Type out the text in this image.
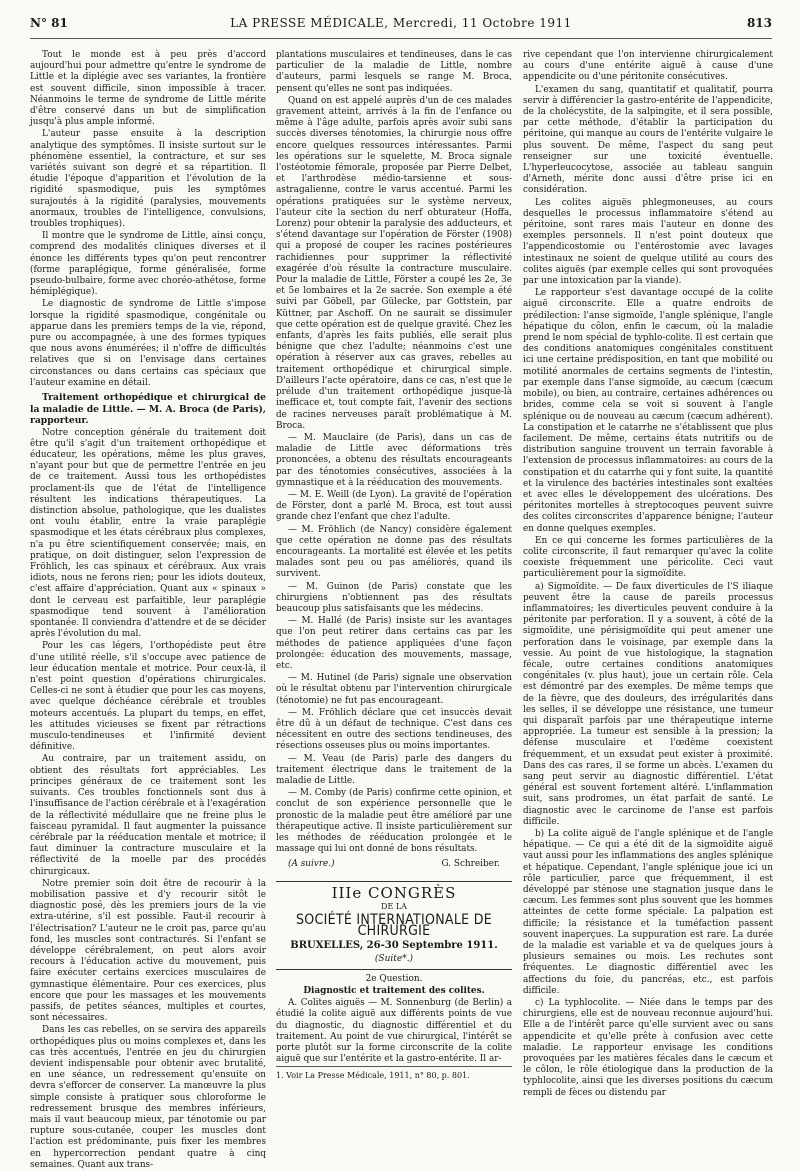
N° 81	LA PRESSE MÉDICALE, Mercredi, 11 Octobre 1911	813

Tout le monde est à peu près d'accord aujourd'hui pour admettre qu'entre le syndrome de Little et la diplégie avec ses variantes, la frontière est souvent difficile, sinon impossible à tracer. Néanmoins le terme de syndrome de Little mérite d'être conservé dans un but de simplification jusqu'à plus ample informé.

L'auteur passe ensuite à la description analytique des symptômes. Il insiste surtout sur le phénomène essentiel, la contracture, et sur ses variétés suivant son degré et sa répartition. Il étudie l'époque d'apparition et l'évolution de la rigidité spasmodique, puis les symptômes surajoutés à la rigidité (paralysies, mouvements anormaux, troubles de l'intelligence, convulsions, troubles trophiques).

Il montre que le syndrome de Little, ainsi conçu, comprend des modalités cliniques diverses et il énonce les différents types qu'on peut rencontrer (forme paraplégique, forme généralisée, forme pseudo-bulbaire, forme avec choréo-athétose, forme hémiplégique).

Le diagnostic de syndrome de Little s'impose lorsque la rigidité spasmodique, congénitale ou apparue dans les premiers temps de la vie, répond, pure ou accompagnée, à une des formes typiques que nous avons énumérées; il n'offre de difficultés relatives que si on l'envisage dans certaines circonstances ou dans certains cas spéciaux que l'auteur examine en détail.

Traitement orthopédique et chirurgical de la maladie de Little. — M. A. Broca (de Paris), rapporteur.

Notre conception générale du traitement doit être qu'il s'agit d'un traitement orthopédique et éducateur, les opérations, même les plus graves, n'ayant pour but que de permettre l'entrée en jeu de ce traitement. Aussi tous les orthopédistes proclament-ils que de l'état de l'intelligence résultent les indications thérapeutiques. La distinction absolue, pathologique, que les dualistes ont voulu établir, entre la vraie paraplégie spasmodique et les états cérébraux plus complexes, n'a pu être scientifiquement conservée; mais, en pratique, on doit distinguer, selon l'expression de Fröhlich, les cas spinaux et cérébraux. Aux vrais idiots, nous ne ferons rien; pour les idiots douteux, c'est affaire d'appréciation. Quant aux « spinaux » dont le cerveau est parfaitible, leur paraplégie spasmodique tend souvent à l'amélioration spontanée. Il conviendra d'attendre et de se décider après l'évolution du mal.

Pour les cas légers, l'orthopédiste peut être d'une utilité réelle, s'il s'occupe avec patience de leur éducation mentale et motrice. Pour ceux-là, il n'est point question d'opérations chirurgicales. Celles-ci ne sont à étudier que pour les cas moyens, avec quelque déchéance cérébrale et troubles moteurs accentués. La plupart du temps, en effet, les attitudes vicieuses se fixent par rétractions musculo-tendineuses et l'infirmité devient définitive.

Au contraire, par un traitement assidu, on obtient des résultats fort appréciables. Les principes généraux de ce traitement sont les suivants. Ces troubles fonctionnels sont dus à l'insuffisance de l'action cérébrale et à l'exagération de la réflectivité médullaire que ne freine plus le faisceau pyramidal. Il faut augmenter la puissance cérébrale par la rééducation mentale et motrice; il faut diminuer la contracture musculaire et la réflectivité de la moelle par des procédés chirurgicaux.

Notre premier soin doit être de recourir à la mobilisation passive et d'y recourir sitôt le diagnostic posé, dès les premiers jours de la vie extra-utérine, s'il est possible. Faut-il recourir à l'électrisation? L'auteur ne le croit pas, parce qu'au fond, les muscles sont contracturés. Si l'enfant se développe cérébralement, on peut alors avoir recours à l'éducation active du mouvement, puis faire exécuter certains exercices musculaires de gymnastique élémentaire. Pour ces exercices, plus encore que pour les massages et les mouvements passifs, de petites séances, multiples et courtes, sont nécessaires.

Dans les cas rebelles, on se servira des appareils orthopédiques plus ou moins complexes et, dans les cas très accentués, l'entrée en jeu du chirurgien devient indispensable pour obtenir avec brutalité, en une séance, un redressement qu'ensuite on devra s'efforcer de conserver. La manœuvre la plus simple consiste à pratiquer sous chloroforme le redressement brusque des membres inférieurs, mais il vaut beaucoup mieux, par ténotomie ou par rupture sous-cutanée, couper les muscles dont l'action est prédominante, puis fixer les membres en hypercorrection pendant quatre à cinq semaines. Quant aux trans-

plantations musculaires et tendineuses, dans le cas particulier de la maladie de Little, nombre d'auteurs, parmi lesquels se range M. Broca, pensent qu'elles ne sont pas indiquées.

Quand on est appelé auprès d'un de ces malades gravement atteint, arrivés à la fin de l'enfance ou même à l'âge adulte, parfois après avoir subi sans succès diverses ténotomies, la chirurgie nous offre encore quelques ressources intéressantes. Parmi les opérations sur le squelette, M. Broca signale l'ostéotomie fémorale, proposée par Pierre Delbet, et l'arthrodèse médio-tarsienne et sous-astragalienne, contre le varus accentué. Parmi les opérations pratiquées sur le système nerveux, l'auteur cite la section du nerf obturateur (Hoffa, Lorenz) pour obtenir la paralysie des adducteurs, et s'étend davantage sur l'opération de Förster (1908) qui a proposé de couper les racines postérieures rachidiennes pour supprimer la réflectivité exagérée d'où résulte la contracture musculaire. Pour la maladie de Little, Förster a coupé les 2e, 3e et 5e lombaires et la 2e sacrée. Son exemple a été suivi par Göbell, par Gülecke, par Gottstein, par Küttner, par Aschoff. On ne saurait se dissimuler que cette opération est de quelque gravité. Chez les enfants, d'après les faits publiés, elle serait plus bénigne que chez l'adulte; néanmoins c'est une opération à réserver aux cas graves, rebelles au traitement orthopédique et chirurgical simple. D'ailleurs l'acte opératoire, dans ce cas, n'est que le prélude d'un traitement orthopédique jusque-là inefficace et, tout compte fait, l'avenir des sections de racines nerveuses paraît problématique à M. Broca.

— M. Mauclaire (de Paris), dans un cas de maladie de Little avec déformations très prononcées, a obtenu des résultats encourageants par des ténotomies consécutives, associées à la gymnastique et à la rééducation des mouvements.

— M. E. Weill (de Lyon). La gravité de l'opération de Förster, dont a parlé M. Broca, est tout aussi grande chez l'enfant que chez l'adulte.

— M. Fröhlich (de Nancy) considère également que cette opération ne donne pas des résultats encourageants. La mortalité est élevée et les petits malades sont peu ou pas améliorés, quand ils survivent.

— M. Guinon (de Paris) constate que les chirurgiens n'obtiennent pas des résultats beaucoup plus satisfaisants que les médecins.

— M. Hallé (de Paris) insiste sur les avantages que l'on peut retirer dans certains cas par les méthodes de patience appliquées d'une façon prolongée: éducation des mouvements, massage, etc.

— M. Hutinel (de Paris) signale une observation où le résultat obtenu par l'intervention chirurgicale (ténotomie) ne fut pas encourageant.

— M. Fröhlich déclare que cet insuccès devait être dû à un défaut de technique. C'est dans ces nécessitent en outre des sections tendineuses, des résections osseuses plus ou moins importantes.

— M. Veau (de Paris) parle des dangers du traitement électrique dans le traitement de la maladie de Little.

— M. Comby (de Paris) confirme cette opinion, et conclut de son expérience personnelle que le pronostic de la maladie peut être amélioré par une thérapeutique active. Il insiste particulièrement sur les méthodes de rééducation prolongée et le massage qui lui ont donné de bons résultats.

(A suivre.)	G. Schreiber.
IIIe CONGRÈS
DE LA
SOCIÉTÉ INTERNATIONALE DE CHIRURGIE
BRUXELLES, 26-30 Septembre 1911.
(Suite*.)

2e Question.

Diagnostic et traitement des colites.

A. Colites aiguës — M. Sonnenburg (de Berlin) a étudié la colite aiguë aux différents points de vue du diagnostic, du diagnostic différentiel et du traitement. Au point de vue chirurgical, l'intérêt se porte plutôt sur la forme circonscrite de la colite aiguë que sur l'entérite et la gastro-entérite. Il ar-

1. Voir La Presse Médicale, 1911, n° 80, p. 801.

rive cependant que l'on intervienne chirurgicalement au cours d'une entérite aiguë à cause d'une appendicite ou d'une péritonite consécutives.

L'examen du sang, quantitatif et qualitatif, pourra servir à différencier la gastro-entérite de l'appendicite, de la cholécystite, de la salpingite, et il sera possible, par cette méthode, d'établir la participation du péritoine, qui manque au cours de l'entérite vulgaire le plus souvent. De même, l'aspect du sang peut renseigner sur une toxicité éventuelle. L'hyperleucocytose, associée au tableau sanguin d'Arneth, mérite donc aussi d'être prise ici en considération.

Les colites aiguës phlegmoneuses, au cours desquelles le processus inflammatoire s'étend au péritoine, sont rares mais l'auteur en donne des exemples personnels. Il n'est point douteux que l'appendicostomie ou l'entérostomie avec lavages intestinaux ne soient de quelque utilité au cours des colites aiguës (par exemple celles qui sont provoquées par une intoxication par la viande).

Le rapporteur s'est davantage occupé de la colite aiguë circonscrite. Elle a quatre endroits de prédilection: l'anse sigmoïde, l'angle splénique, l'angle hépatique du côlon, enfin le cæcum, où la maladie prend le nom spécial de typhlo-colite. Il est certain que des conditions anatomiques congénitales constituent ici une certaine prédisposition, en tant que mobilité ou motilité anormales de certains segments de l'intestin, par exemple dans l'anse sigmoïde, au cæcum (cæcum mobile), ou bien, au contraire, certaines adhérences ou brides, comme cela se voit si souvent à l'angle splénique ou de nouveau au cæcum (cæcum adhérent). La constipation et le catarrhe ne s'établissent que plus facilement. De même, certains états nutritifs ou de distribution sanguine trouvent un terrain favorable à l'extension de processus inflammatoires: au cours de la constipation et du catarrhe qui y font suite, la quantité et la virulence des bactéries intestinales sont exaltées et avec elles le développement des ulcérations. Des péritonites mortelles à streptocoques peuvent suivre des colites circonscrites d'apparence bénigne; l'auteur en donne quelques exemples.

En ce qui concerne les formes particulières de la colite circonscrite, il faut remarquer qu'avec la colite coexiste fréquemment une péricolite. Ceci vaut particulièrement pour la sigmoïdite.

a) Sigmoïdite. — De faux diverticules de l'S iliaque peuvent être la cause de pareils processus inflammatoires; les diverticules peuvent conduire à la péritonite par perforation. Il y a souvent, à côté de la sigmoïdite, une périsigmoïdite qui peut amener une perforation dans le voisinage, par exemple dans la vessie. Au point de vue histologique, la stagnation fécale, outre certaines conditions anatomiques congénitales (v. plus haut), joue un certain rôle. Cela est démontré par des exemples. De même temps que de la fièvre, que des douleurs, des irrégularités dans les selles, il se développe une résistance, une tumeur qui disparaît parfois par une thérapeutique interne appropriée. La tumeur est sensible à la pression; la défense musculaire et l'œdème coexistent fréquemment, et un exsudat peut exister à proximité. Dans des cas rares, il se forme un abcès. L'examen du sang peut servir au diagnostic différentiel. L'état général est souvent fortement altéré. L'inflammation suit, sans prodromes, un état parfait de santé. Le diagnostic avec le carcinome de l'anse est parfois difficile.

b) La colite aiguë de l'angle splénique et de l'angle hépatique. — Ce qui a été dit de la sigmoïdite aiguë vaut aussi pour les inflammations des angles splénique et hépatique. Cependant, l'angle splénique joue ici un rôle particulier, parce que fréquemment, il est développé par sténose une stagnation jusque dans le cæcum. Les femmes sont plus souvent que les hommes atteintes de cette forme spéciale. La palpation est difficile; la résistance et la tuméfaction passent souvent inaperçues. La suppuration est rare. La durée de la maladie est variable et va de quelques jours à plusieurs semaines ou mois. Les rechutes sont fréquentes. Le diagnostic différentiel avec les affections du foie, du pancréas, etc., est parfois difficile.

c) La typhlocolite. — Niée dans le temps par des chirurgiens, elle est de nouveau reconnue aujourd'hui. Elle a de l'intérêt parce qu'elle survient avec ou sans appendicite et qu'elle prête à confusion avec cette maladie. Le rapporteur envisage les conditions provoquées par les matières fécales dans le cæcum et le côlon, le rôle étiologique dans la production de la typhlocolite, ainsi que les diverses positions du cæcum rempli de fèces ou distendu par
